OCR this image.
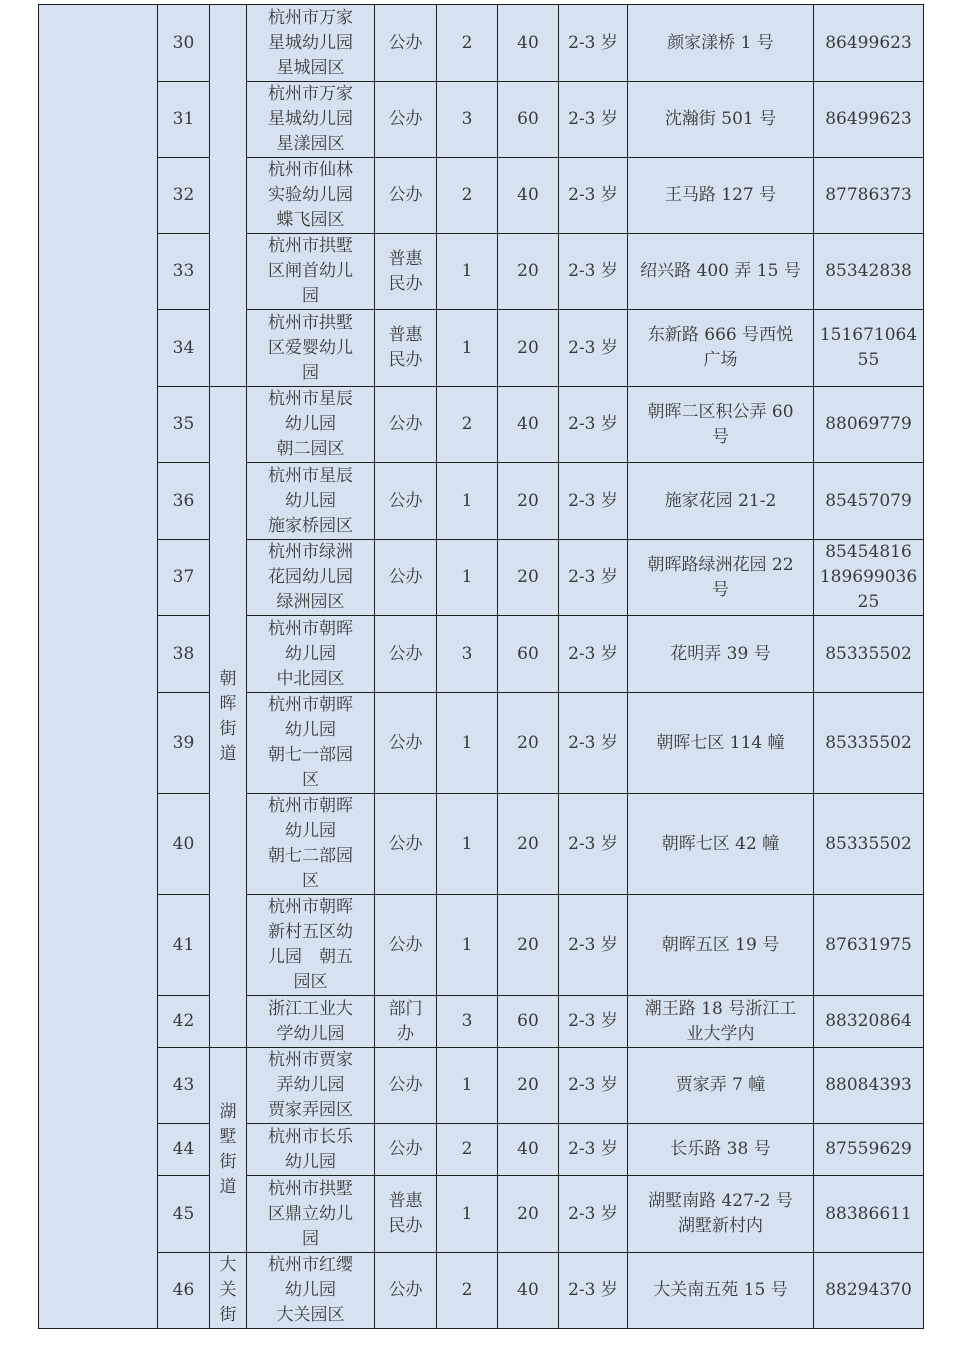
	30		杭州市万家
星城幼儿园
星城园区	公办	2	40	2-3 岁	颜家漾桥 1 号	86499623
	31		杭州市万家
星城幼儿园
星漾园区	公办	3	60	2-3 岁	沈瀚街 501 号	86499623
	32		杭州市仙林
实验幼儿园
蝶飞园区	公办	2	40	2-3 岁	王马路 127 号	87786373
	33		杭州市拱墅
区闸首幼儿
园	普惠
民办	1	20	2-3 岁	绍兴路 400 弄 15 号	85342838
	34		杭州市拱墅
区爱婴幼儿
园	普惠
民办	1	20	2-3 岁	东新路 666 号西悦
广场	151671064
55
	35	朝
晖
街
道	杭州市星辰
幼儿园
朝二园区	公办	2	40	2-3 岁	朝晖二区积公弄 60
号	88069779
	36		杭州市星辰
幼儿园
施家桥园区	公办	1	20	2-3 岁	施家花园 21-2	85457079
	37		杭州市绿洲
花园幼儿园
绿洲园区	公办	1	20	2-3 岁	朝晖路绿洲花园 22
号	85454816
189699036
25
	38		杭州市朝晖
幼儿园
中北园区	公办	3	60	2-3 岁	花明弄 39 号	85335502
	39		杭州市朝晖
幼儿园
朝七一部园
区	公办	1	20	2-3 岁	朝晖七区 114 幢	85335502
	40		杭州市朝晖
幼儿园
朝七二部园
区	公办	1	20	2-3 岁	朝晖七区 42 幢	85335502
	41		杭州市朝晖
新村五区幼
儿园　朝五
园区	公办	1	20	2-3 岁	朝晖五区 19 号	87631975
	42		浙江工业大
学幼儿园	部门
办	3	60	2-3 岁	潮王路 18 号浙江工
业大学内	88320864
	43	湖
墅
街
道	杭州市贾家
弄幼儿园
贾家弄园区	公办	1	20	2-3 岁	贾家弄 7 幢	88084393
	44		杭州市长乐
幼儿园	公办	2	40	2-3 岁	长乐路 38 号	87559629
	45		杭州市拱墅
区鼎立幼儿
园	普惠
民办	1	20	2-3 岁	湖墅南路 427-2 号
湖墅新村内	88386611
	46	大
关
街	杭州市红缨
幼儿园
大关园区	公办	2	40	2-3 岁	大关南五苑 15 号	88294370
